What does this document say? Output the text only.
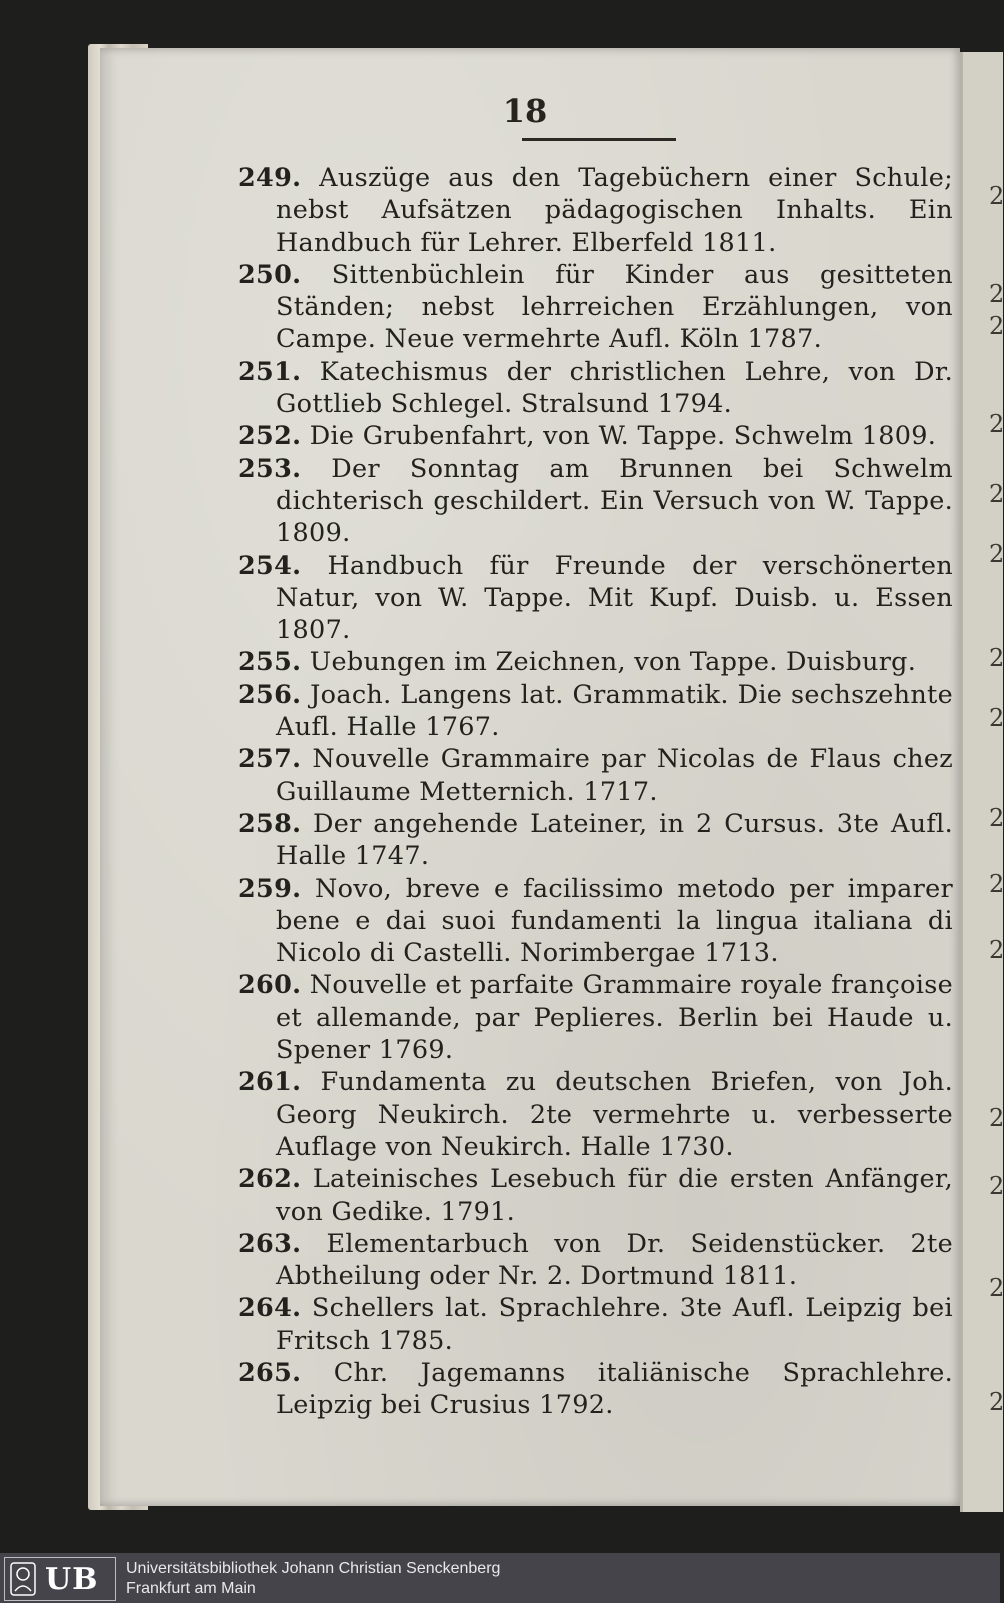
2
2
2
2
2
2
2
2
2
2
2
2
2
2
2
18

249. Auszüge aus den Tagebüchern einer Schule; nebst Aufsätzen pädagogischen Inhalts. Ein Handbuch für Lehrer. Elberfeld 1811.

250. Sittenbüchlein für Kinder aus gesitteten Ständen; nebst lehrreichen Erzählungen, von Campe. Neue vermehrte Aufl. Köln 1787.

251. Katechismus der christlichen Lehre, von Dr. Gottlieb Schlegel. Stralsund 1794.

252. Die Grubenfahrt, von W. Tappe. Schwelm 1809.

253. Der Sonntag am Brunnen bei Schwelm dichterisch geschildert. Ein Versuch von W. Tappe. 1809.

254. Handbuch für Freunde der verschönerten Natur, von W. Tappe. Mit Kupf. Duisb. u. Essen 1807.

255. Uebungen im Zeichnen, von Tappe. Duisburg.

256. Joach. Langens lat. Grammatik. Die sechszehnte Aufl. Halle 1767.

257. Nouvelle Grammaire par Nicolas de Flaus chez Guillaume Metternich. 1717.

258. Der angehende Lateiner, in 2 Cursus. 3te Aufl. Halle 1747.

259. Novo, breve e facilissimo metodo per imparer bene e dai suoi fundamenti la lingua italiana di Nicolo di Castelli. Norimbergae 1713.

260. Nouvelle et parfaite Grammaire royale françoise et allemande, par Peplieres. Berlin bei Haude u. Spener 1769.

261. Fundamenta zu deutschen Briefen, von Joh. Georg Neukirch. 2te vermehrte u. verbesserte Auflage von Neukirch. Halle 1730.

262. Lateinisches Lesebuch für die ersten Anfänger, von Gedike. 1791.

263. Elementarbuch von Dr. Seidenstücker. 2te Abtheilung oder Nr. 2. Dortmund 1811.

264. Schellers lat. Sprachlehre. 3te Aufl. Leipzig bei Fritsch 1785.

265. Chr. Jagemanns italiänische Sprachlehre. Leipzig bei Crusius 1792.

UB Universitätsbibliothek Johann Christian Senckenberg
Frankfurt am Main
